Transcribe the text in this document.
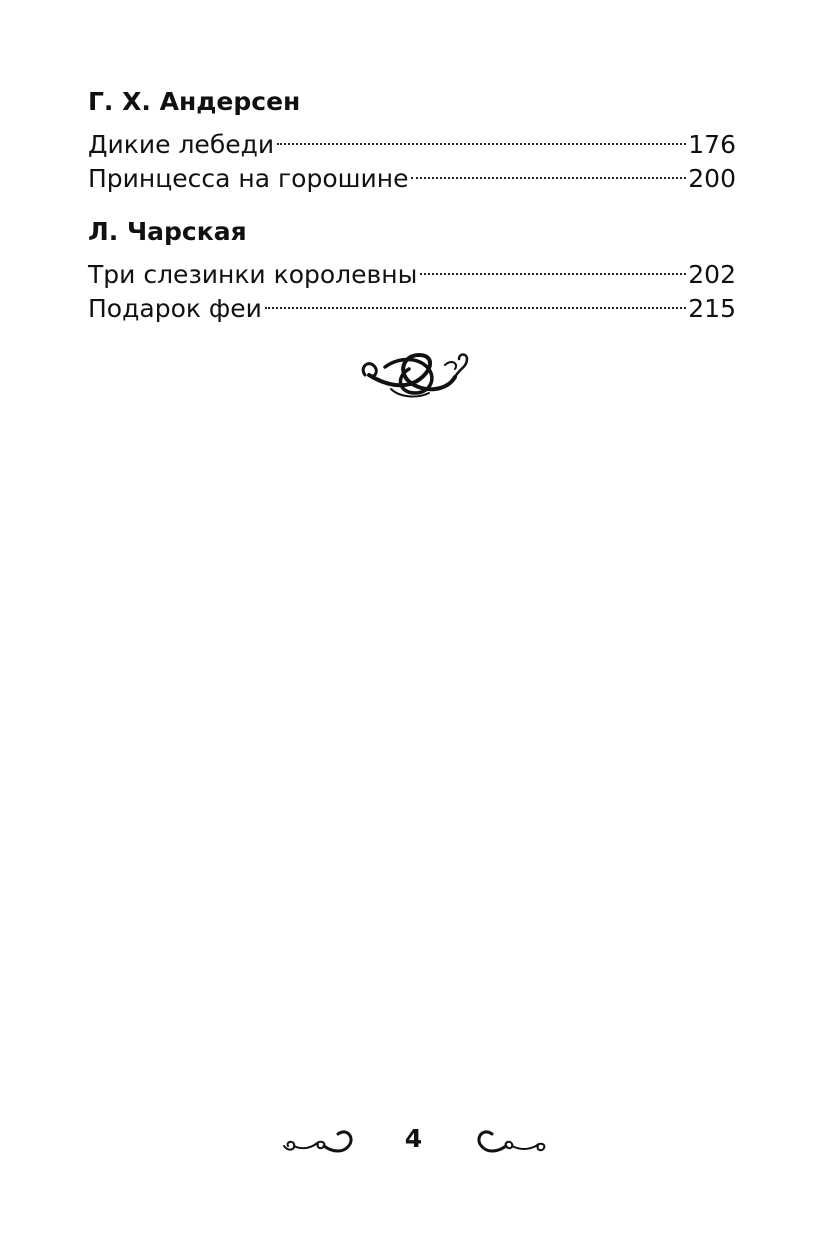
Г. Х. Андерсен
Дикие лебеди	176
Принцесса на горошине	200
Л. Чарская
Три слезинки королевны	202
Подарок феи	215
4
